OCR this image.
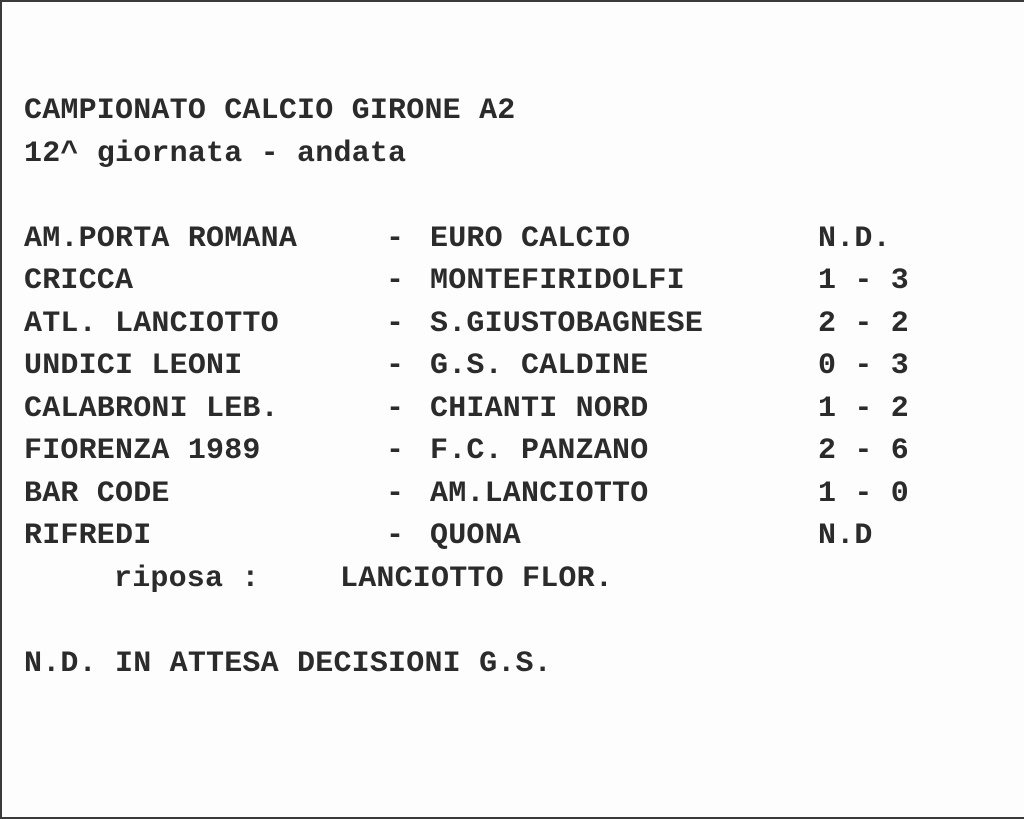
CAMPIONATO CALCIO GIRONE A2
12^ giornata - andata
AM.PORTA ROMANA	- EURO CALCIO	N.D.
CRICCA	- MONTEFIRIDOLFI	1 - 3
ATL. LANCIOTTO	- S.GIUSTOBAGNESE	2 - 2
UNDICI LEONI	- G.S. CALDINE	0 - 3
CALABRONI LEB.	- CHIANTI NORD	1 - 2
FIORENZA 1989	- F.C. PANZANO	2 - 6
BAR CODE	- AM.LANCIOTTO	1 - 0
RIFREDI	- QUONA	N.D
riposa :	LANCIOTTO FLOR.
N.D. IN ATTESA DECISIONI G.S.
